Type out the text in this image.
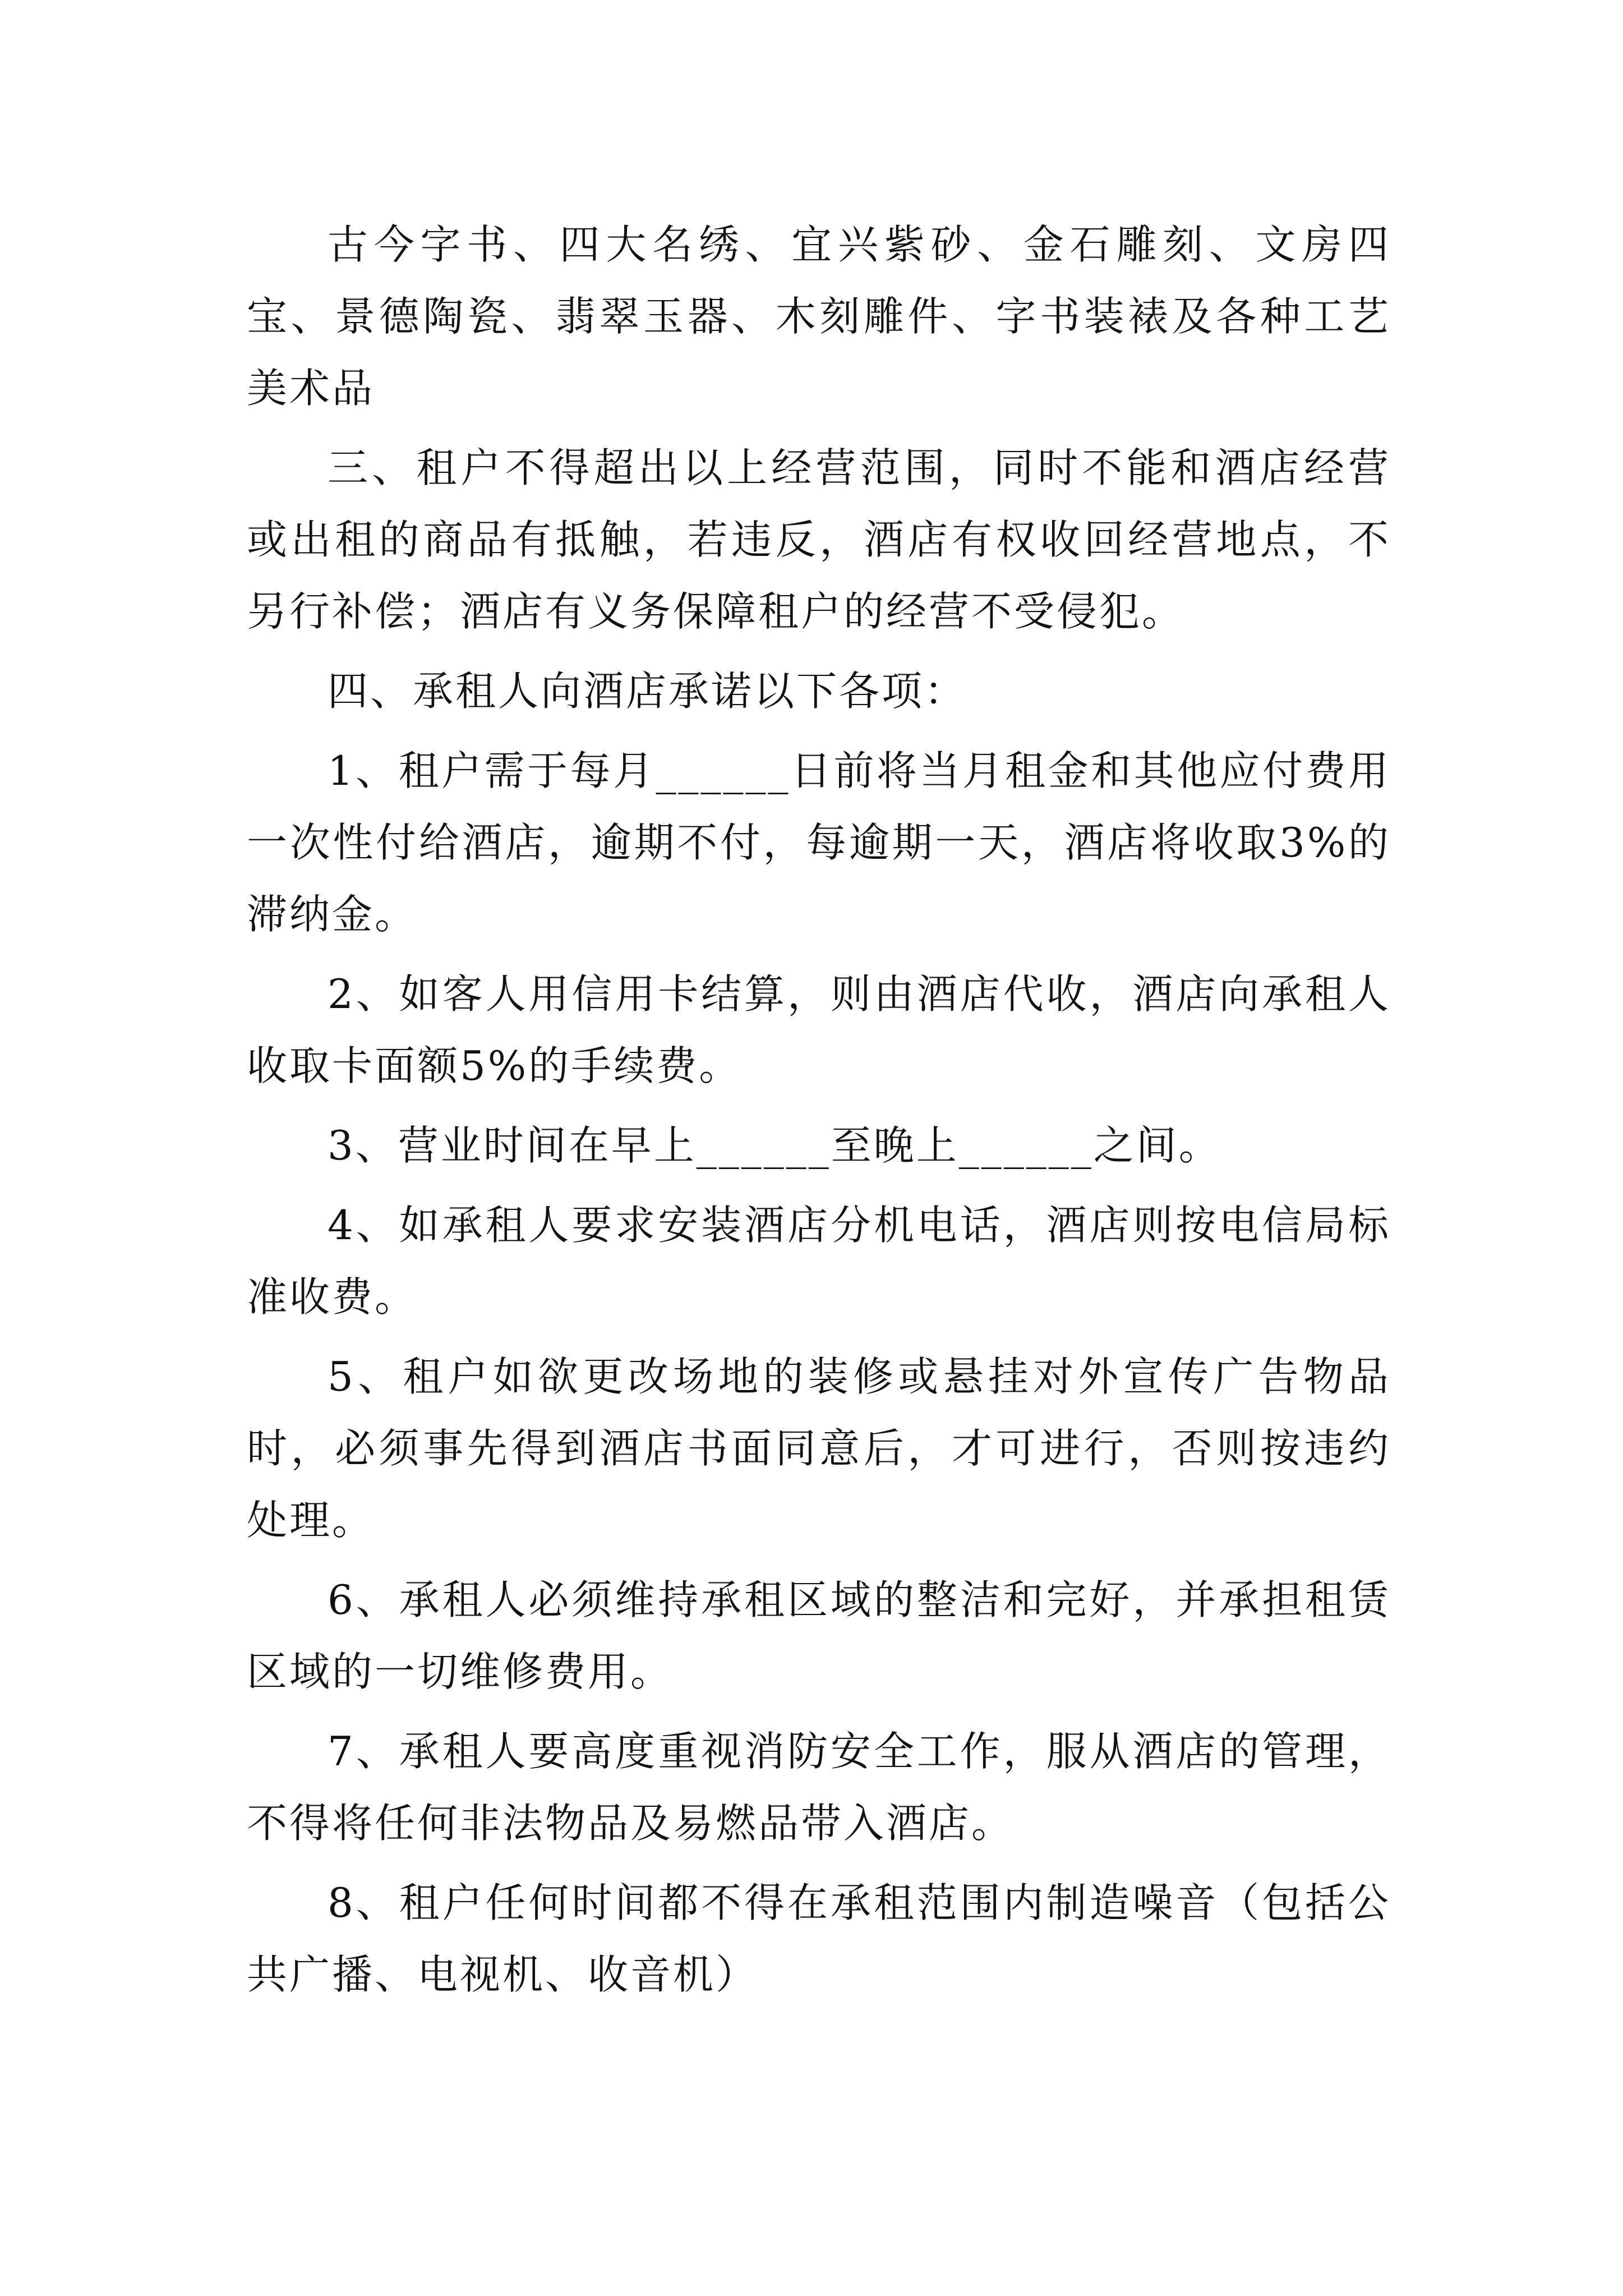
古今字书、四大名绣、宜兴紫砂、金石雕刻、文房四宝、景德陶瓷、翡翠玉器、木刻雕件、字书装裱及各种工艺美术品

三、租户不得超出以上经营范围，同时不能和酒店经营或出租的商品有抵触，若违反，酒店有权收回经营地点，不另行补偿；酒店有义务保障租户的经营不受侵犯。

四、承租人向酒店承诺以下各项：

1、租户需于每月______日前将当月租金和其他应付费用一次性付给酒店，逾期不付，每逾期一天，酒店将收取3%的滞纳金。

2、如客人用信用卡结算，则由酒店代收，酒店向承租人收取卡面额5%的手续费。

3、营业时间在早上______至晚上______之间。

4、如承租人要求安装酒店分机电话，酒店则按电信局标准收费。

5、租户如欲更改场地的装修或悬挂对外宣传广告物品时，必须事先得到酒店书面同意后，才可进行，否则按违约处理。

6、承租人必须维持承租区域的整洁和完好，并承担租赁区域的一切维修费用。

7、承租人要高度重视消防安全工作，服从酒店的管理，不得将任何非法物品及易燃品带入酒店。

8、租户任何时间都不得在承租范围内制造噪音（包括公共广播、电视机、收音机）
